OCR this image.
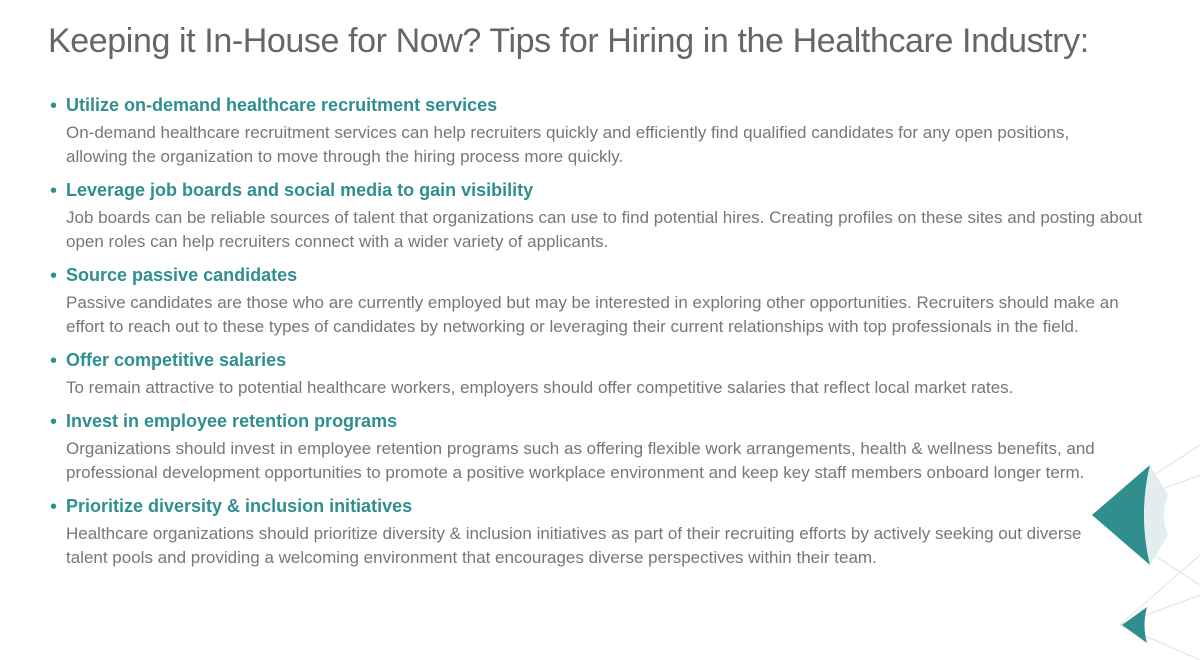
Keeping it In-House for Now? Tips for Hiring in the Healthcare Industry:
• Utilize on-demand healthcare recruitment services
On-demand healthcare recruitment services can help recruiters quickly and efficiently find qualified candidates for any open positions, allowing the organization to move through the hiring process more quickly.
• Leverage job boards and social media to gain visibility
Job boards can be reliable sources of talent that organizations can use to find potential hires. Creating profiles on these sites and posting about open roles can help recruiters connect with a wider variety of applicants.
• Source passive candidates
Passive candidates are those who are currently employed but may be interested in exploring other opportunities. Recruiters should make an effort to reach out to these types of candidates by networking or leveraging their current relationships with top professionals in the field.
• Offer competitive salaries
To remain attractive to potential healthcare workers, employers should offer competitive salaries that reflect local market rates.
• Invest in employee retention programs
Organizations should invest in employee retention programs such as offering flexible work arrangements, health & wellness benefits, and professional development opportunities to promote a positive workplace environment and keep key staff members onboard longer term.
• Prioritize diversity & inclusion initiatives
Healthcare organizations should prioritize diversity & inclusion initiatives as part of their recruiting efforts by actively seeking out diverse talent pools and providing a welcoming environment that encourages diverse perspectives within their team.
